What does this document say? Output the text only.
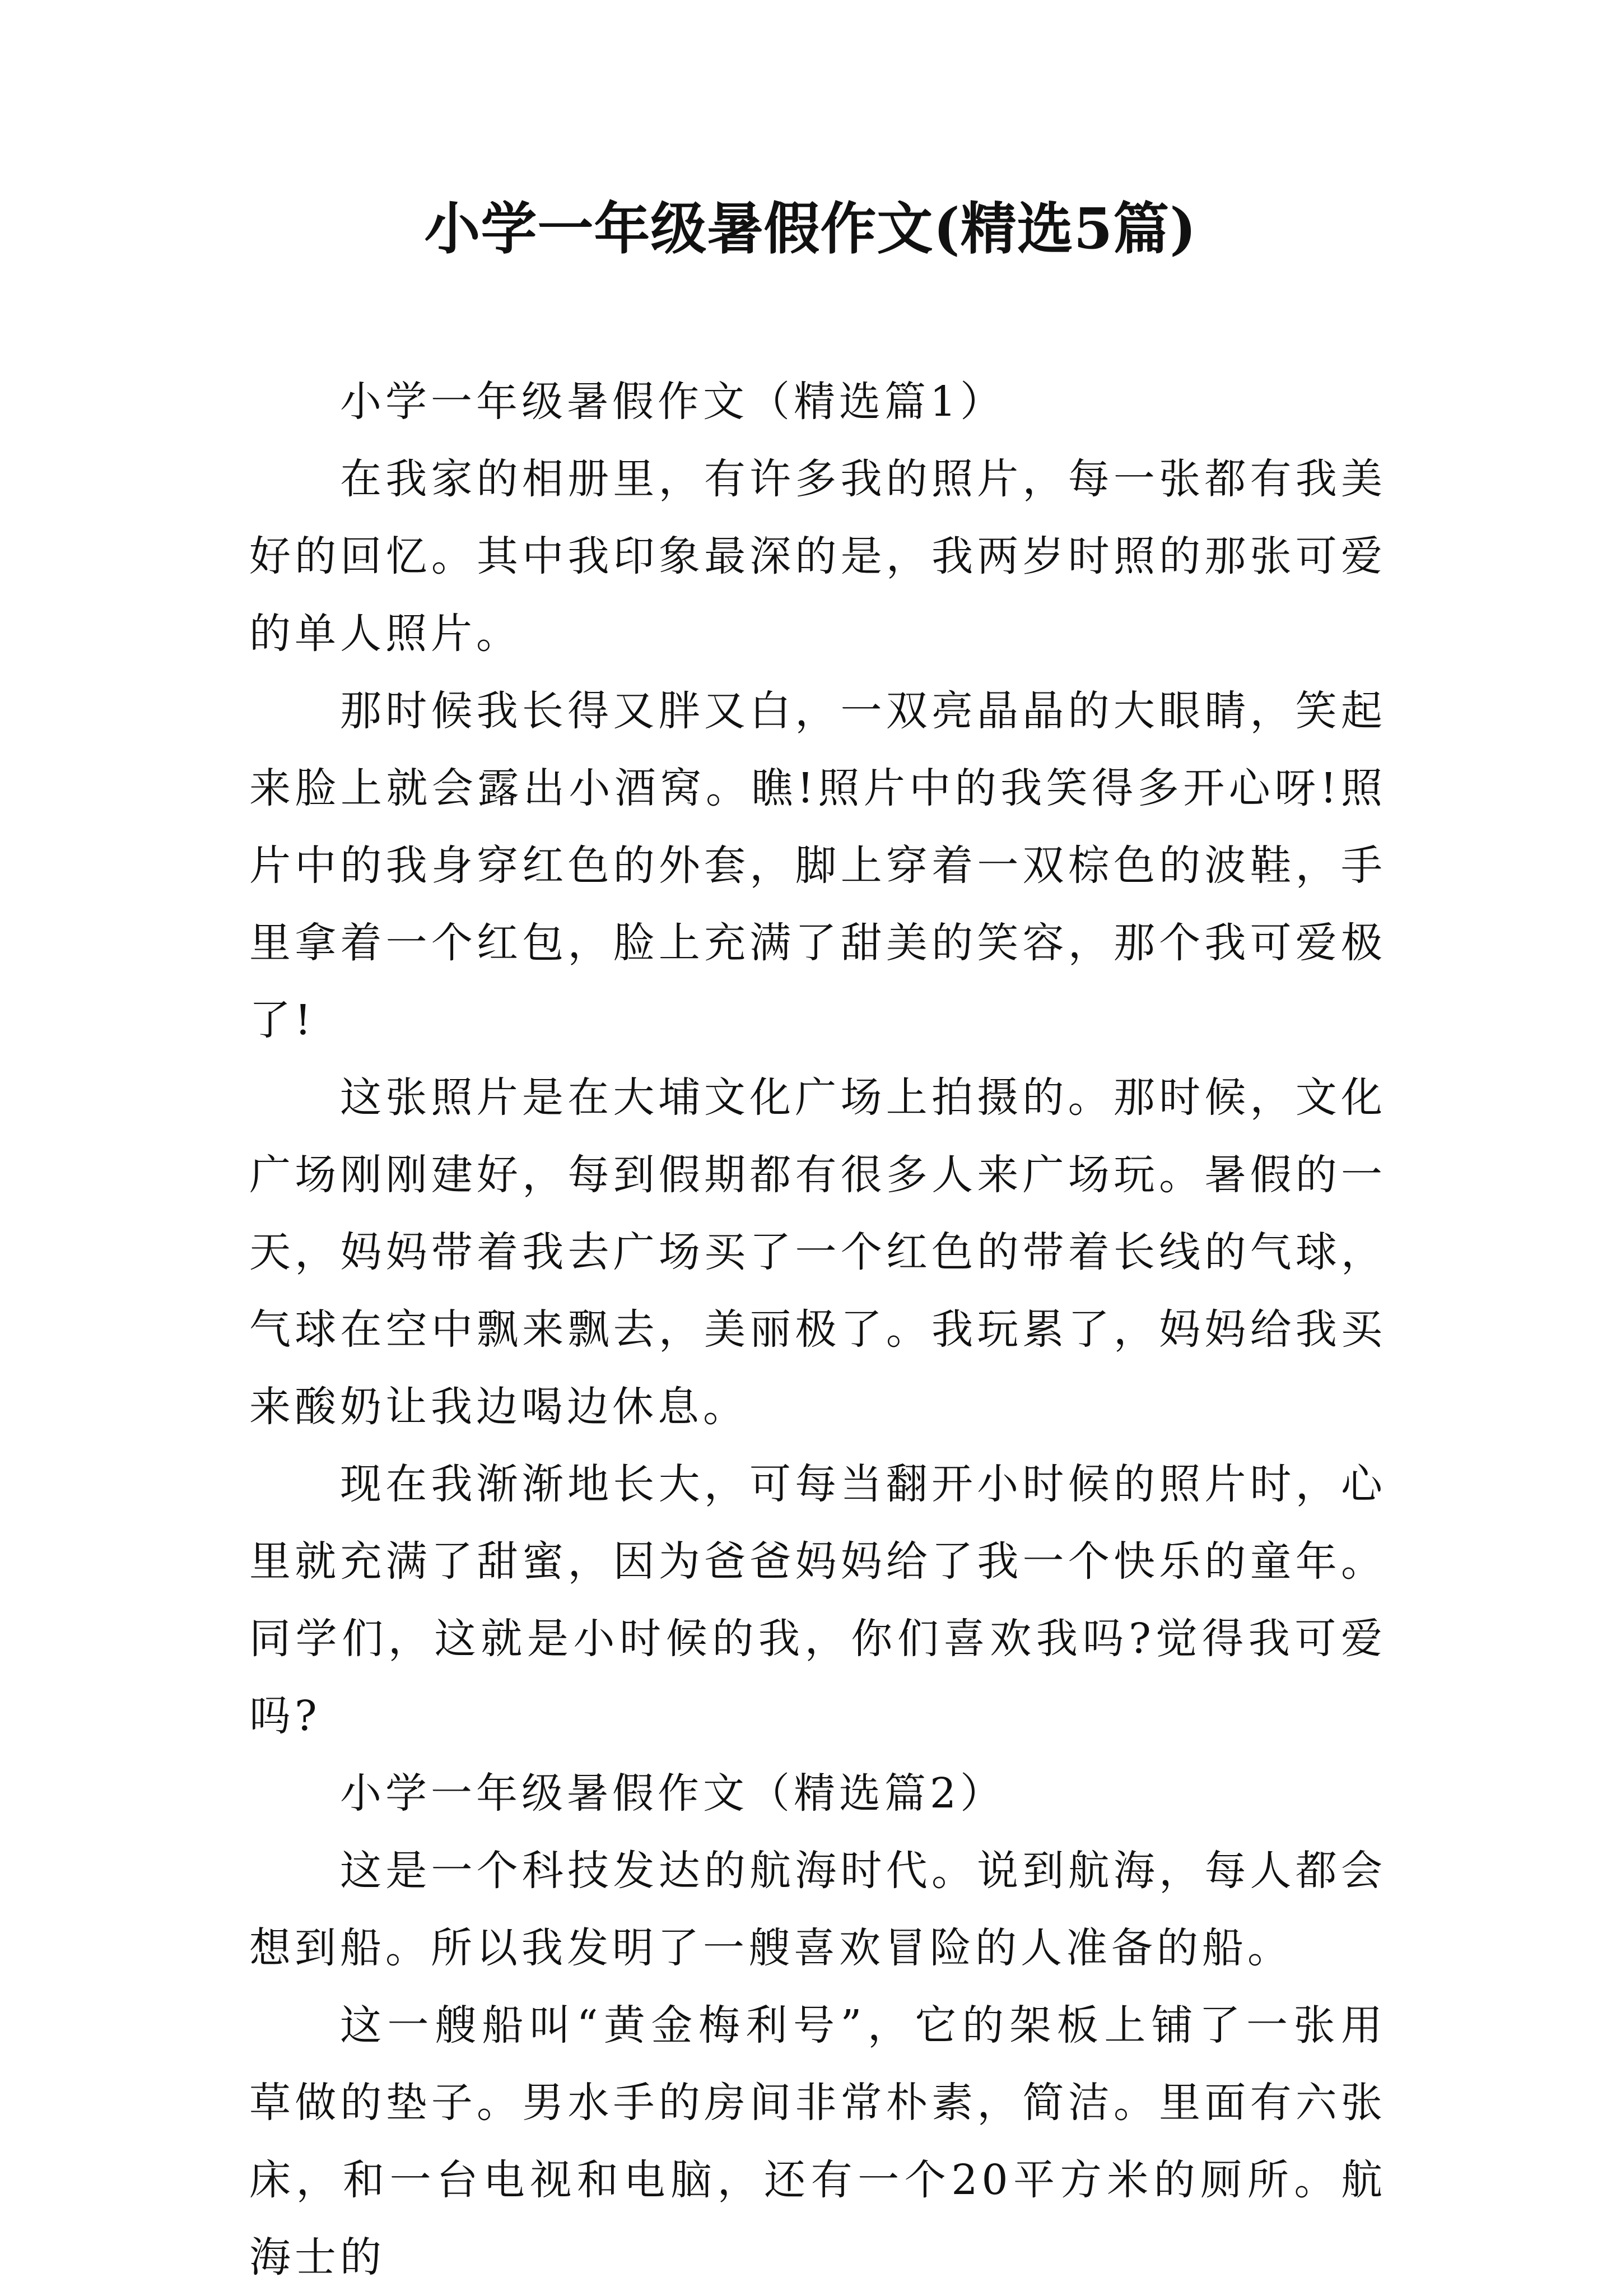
小学一年级暑假作文(精选5篇)

小学一年级暑假作文（精选篇1）

在我家的相册里，有许多我的照片，每一张都有我美好的回忆。其中我印象最深的是，我两岁时照的那张可爱的单人照片。

那时候我长得又胖又白，一双亮晶晶的大眼睛，笑起来脸上就会露出小酒窝。瞧!照片中的我笑得多开心呀!照片中的我身穿红色的外套，脚上穿着一双棕色的波鞋，手里拿着一个红包，脸上充满了甜美的笑容，那个我可爱极了!

这张照片是在大埔文化广场上拍摄的。那时候，文化广场刚刚建好，每到假期都有很多人来广场玩。暑假的一天，妈妈带着我去广场买了一个红色的带着长线的气球，气球在空中飘来飘去，美丽极了。我玩累了，妈妈给我买来酸奶让我边喝边休息。

现在我渐渐地长大，可每当翻开小时候的照片时，心里就充满了甜蜜，因为爸爸妈妈给了我一个快乐的童年。同学们，这就是小时候的我，你们喜欢我吗?觉得我可爱吗?

小学一年级暑假作文（精选篇2）

这是一个科技发达的航海时代。说到航海，每人都会想到船。所以我发明了一艘喜欢冒险的人准备的船。

这一艘船叫“黄金梅利号”，它的架板上铺了一张用草做的垫子。男水手的房间非常朴素，简洁。里面有六张床，和一台电视和电脑，还有一个20平方米的厕所。航海士的
